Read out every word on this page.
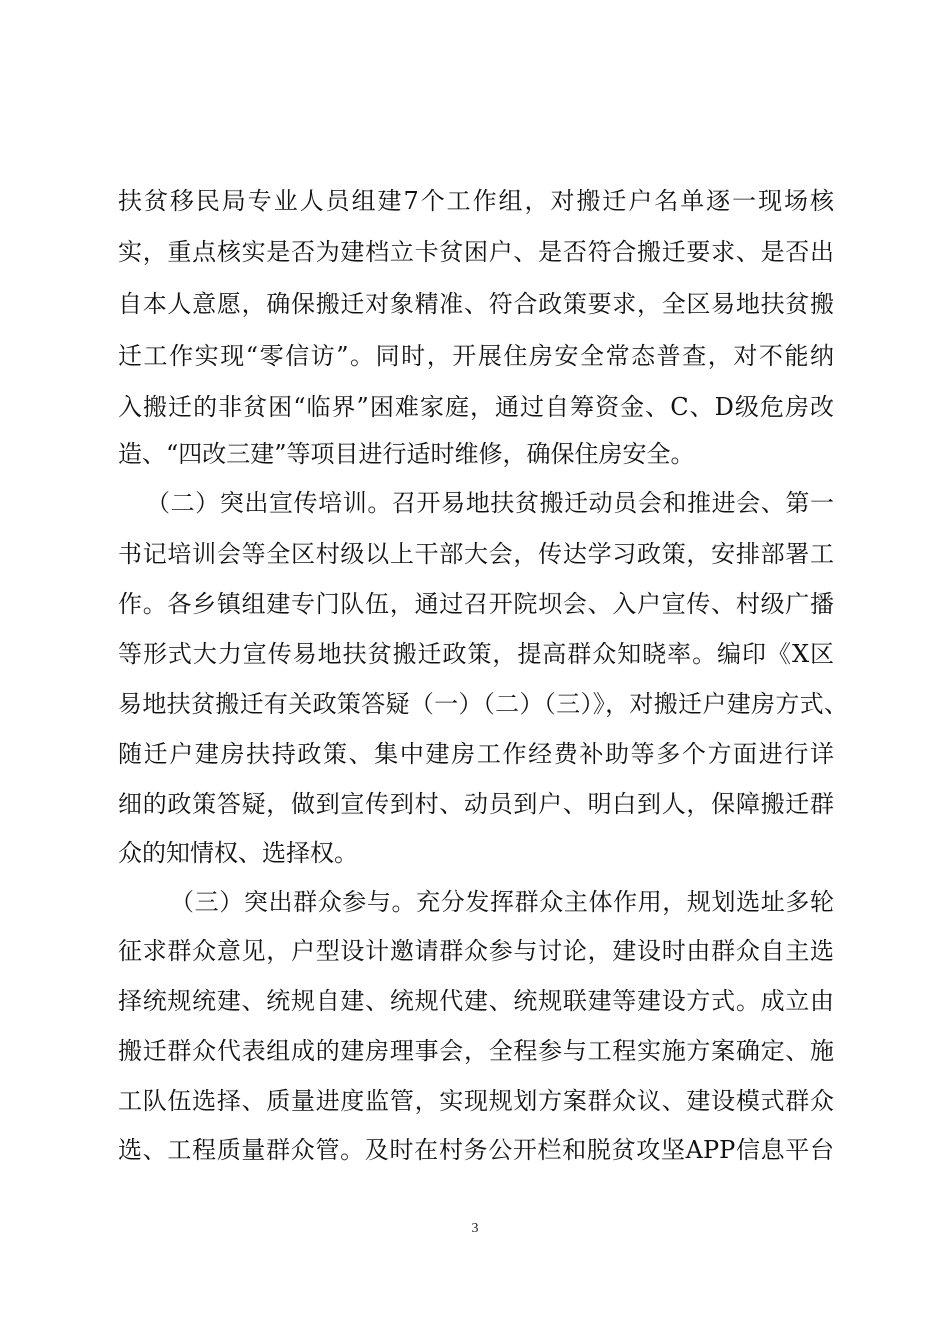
扶贫移民局专业人员组建7个工作组，对搬迁户名单逐一现场核
实，重点核实是否为建档立卡贫困户、是否符合搬迁要求、是否出
自本人意愿，确保搬迁对象精准、符合政策要求，全区易地扶贫搬
迁工作实现“零信访”。同时，开展住房安全常态普查，对不能纳
入搬迁的非贫困“临界”困难家庭，通过自筹资金、C、D级危房改
造、“四改三建”等项目进行适时维修，确保住房安全。
（二）突出宣传培训。召开易地扶贫搬迁动员会和推进会、第一
书记培训会等全区村级以上干部大会，传达学习政策，安排部署工
作。各乡镇组建专门队伍，通过召开院坝会、入户宣传、村级广播
等形式大力宣传易地扶贫搬迁政策，提高群众知晓率。编印《X区
易地扶贫搬迁有关政策答疑（一）（二）（三）》，对搬迁户建房方式、
随迁户建房扶持政策、集中建房工作经费补助等多个方面进行详
细的政策答疑，做到宣传到村、动员到户、明白到人，保障搬迁群
众的知情权、选择权。
（三）突出群众参与。充分发挥群众主体作用，规划选址多轮
征求群众意见，户型设计邀请群众参与讨论，建设时由群众自主选
择统规统建、统规自建、统规代建、统规联建等建设方式。成立由
搬迁群众代表组成的建房理事会，全程参与工程实施方案确定、施
工队伍选择、质量进度监管，实现规划方案群众议、建设模式群众
选、工程质量群众管。及时在村务公开栏和脱贫攻坚APP信息平台
3
